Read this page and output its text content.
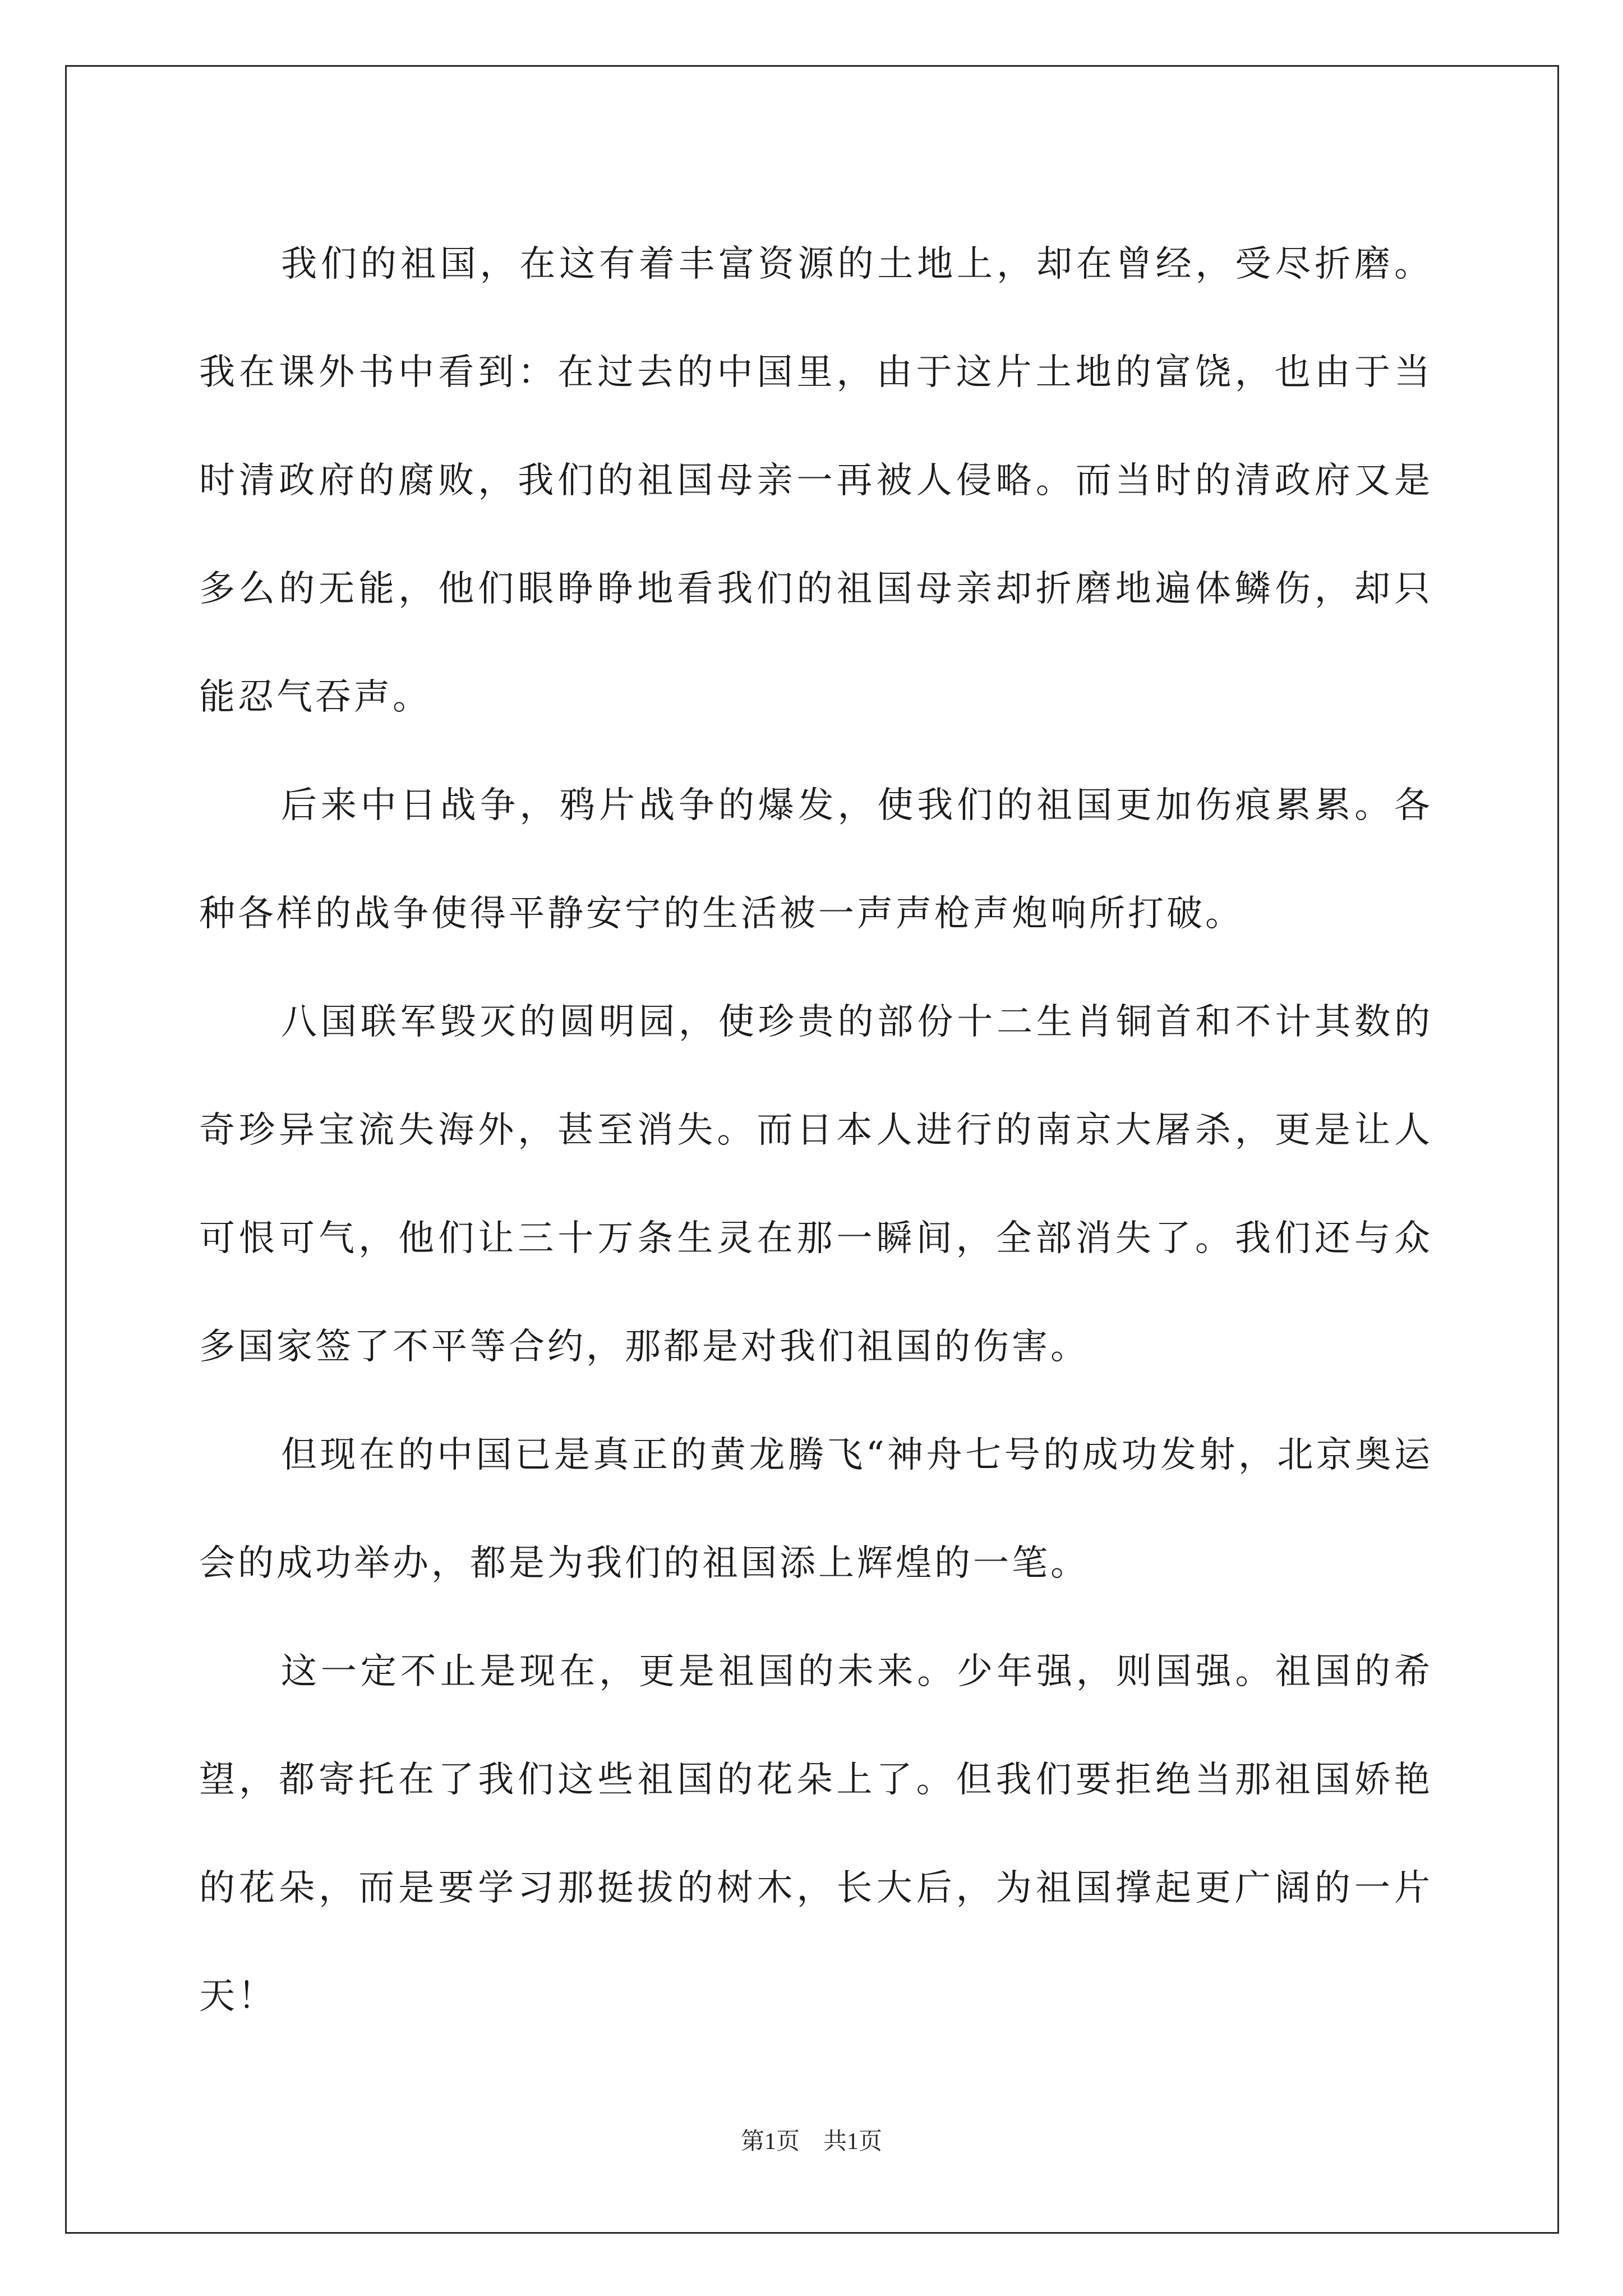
我们的祖国，在这有着丰富资源的土地上，却在曾经，受尽折磨。我在课外书中看到：在过去的中国里，由于这片土地的富饶，也由于当时清政府的腐败，我们的祖国母亲一再被人侵略。而当时的清政府又是多么的无能，他们眼睁睁地看我们的祖国母亲却折磨地遍体鳞伤，却只能忍气吞声。

后来中日战争，鸦片战争的爆发，使我们的祖国更加伤痕累累。各种各样的战争使得平静安宁的生活被一声声枪声炮响所打破。

八国联军毁灭的圆明园，使珍贵的部份十二生肖铜首和不计其数的奇珍异宝流失海外，甚至消失。而日本人进行的南京大屠杀，更是让人可恨可气，他们让三十万条生灵在那一瞬间，全部消失了。我们还与众多国家签了不平等合约，那都是对我们祖国的伤害。

但现在的中国已是真正的黄龙腾飞“神舟七号的成功发射，北京奥运会的成功举办，都是为我们的祖国添上辉煌的一笔。

这一定不止是现在，更是祖国的未来。少年强，则国强。祖国的希望，都寄托在了我们这些祖国的花朵上了。但我们要拒绝当那祖国娇艳的花朵，而是要学习那挺拔的树木，长大后，为祖国撑起更广阔的一片天！

第1页　共1页
